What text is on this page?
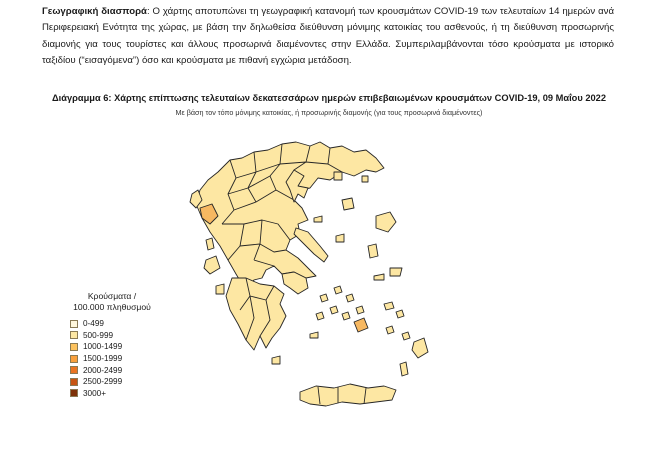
Γεωγραφική διασπορά: Ο χάρτης αποτυπώνει τη γεωγραφική κατανομή των κρουσμάτων COVID-19 των τελευταίων 14 ημερών ανά Περιφερειακή Ενότητα της χώρας, με βάση την δηλωθείσα διεύθυνση μόνιμης κατοικίας του ασθενούς, ή τη διεύθυνση προσωρινής διαμονής για τους τουρίστες και άλλους προσωρινά διαμένοντες στην Ελλάδα. Συμπεριλαμβάνονται τόσο κρούσματα με ιστορικό ταξιδίου (“εισαγόμενα”) όσο και κρούσματα με πιθανή εγχώρια μετάδοση.

Διάγραμμα 6: Χάρτης επίπτωσης τελευταίων δεκατεσσάρων ημερών επιβεβαιωμένων κρουσμάτων COVID-19, 09 Μαΐου 2022

Με βάση τον τόπο μόνιμης κατοικίας, ή προσωρινής διαμονής (για τους προσωρινά διαμένοντες)

Κρούσματα /
100.000 πληθυσμού

0-499
500-999
1000-1499
1500-1999
2000-2499
2500-2999
3000+
